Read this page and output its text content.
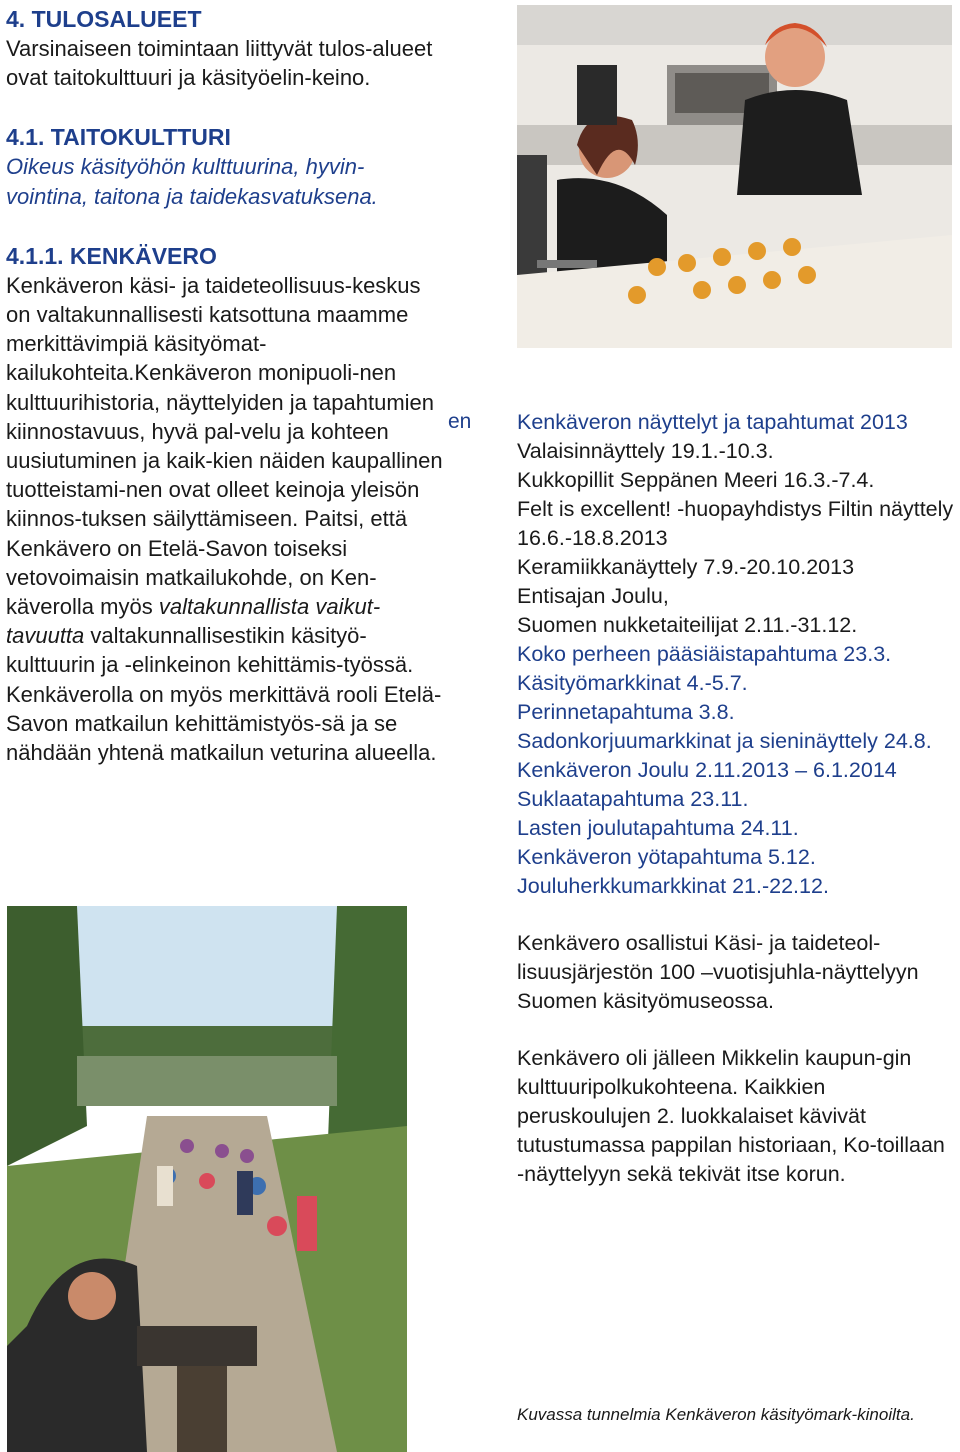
4. TULOSALUEET

Varsinaiseen toimintaan liittyvät tulos-alueet ovat taitokulttuuri ja käsityöelin-keino.

4.1. TAITOKULTTURI

Oikeus käsityöhön kulttuurina, hyvin-vointina, taitona ja taidekasvatuksena.

4.1.1. KENKÄVERO

Kenkäveron käsi- ja taideteollisuus-keskus on valtakunnallisesti katsottuna maamme merkittävimpiä käsityömat-kailukohteita.Kenkäveron monipuoli-nen kulttuurihistoria, näyttelyiden ja tapahtumien kiinnostavuus, hyvä pal-velu ja kohteen uusiutuminen ja kaik-kien näiden kaupallinen tuotteistami-nen ovat olleet keinoja yleisön kiinnos-tuksen säilyttämiseen. Paitsi, että Kenkävero on Etelä-Savon toiseksi vetovoimaisin matkailukohde, on Ken-käverolla myös valtakunnallista vaikut-tavuutta valtakunnallisestikin käsityö-kulttuurin ja -elinkeinon kehittämis-työssä.

Kenkäverolla on myös merkittävä rooli Etelä-Savon matkailun kehittämistyös-sä ja se nähdään yhtenä matkailun veturina alueella.

en Kenkäveron näyttelyt ja tapahtumat 2013

Valaisinnäyttely 19.1.-10.3.
Kukkopillit Seppänen Meeri 16.3.-7.4.
Felt is excellent! -huopayhdistys Filtin näyttely 16.6.-18.8.2013
Keramiikkanäyttely 7.9.-20.10.2013
Entisajan Joulu,
Suomen nukketaiteilijat 2.11.-31.12.
Koko perheen pääsiäistapahtuma 23.3.
Käsityömarkkinat 4.-5.7.
Perinnetapahtuma 3.8.
Sadonkorjuumarkkinat ja sieninäyttely 24.8.
Kenkäveron Joulu 2.11.2013 – 6.1.2014
Suklaatapahtuma 23.11.
Lasten joulutapahtuma 24.11.
Kenkäveron yötapahtuma 5.12.
Jouluherkkumarkkinat 21.-22.12.

Kenkävero osallistui Käsi- ja taideteol-lisuusjärjestön 100 –vuotisjuhla-näyttelyyn Suomen käsityömuseossa.

Kenkävero oli jälleen Mikkelin kaupun-gin kulttuuripolkukohteena. Kaikkien peruskoulujen 2. luokkalaiset kävivät tutustumassa pappilan historiaan, Ko-toillaan -näyttelyyn sekä tekivät itse korun.

Kuvassa tunnelmia Kenkäveron käsityömark-kinoilta.
